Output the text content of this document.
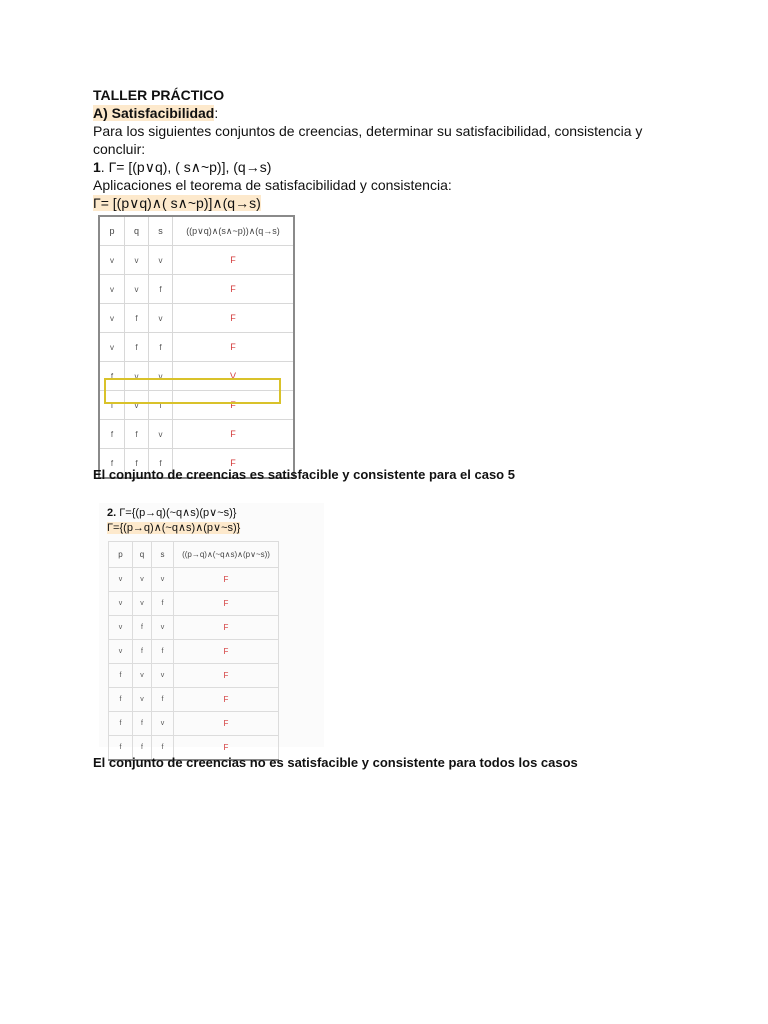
TALLER PRÁCTICO
A) Satisfacibilidad:
Para los siguientes conjuntos de creencias, determinar su satisfacibilidad, consistencia y
concluir:
1. Γ= [(p∨q), ( s∧~p)], (q→s)
Aplicaciones el teorema de satisfacibilidad y consistencia:
Γ= [(p∨q)∧( s∧~p)]∧(q→s)
p	q	s	((p∨q)∧(s∧~p))∧(q→s)
v	v	v	F
v	v	f	F
v	f	v	F
v	f	f	F
f	v	v	V
f	v	f	F
f	f	v	F
f	f	f	F
El conjunto de creencias es satisfacible y consistente para el caso 5
2. Γ={(p→q)(~q∧s)(p∨~s)}
Γ={(p→q)∧(~q∧s)∧(p∨~s)}
p	q	s	((p→q)∧(~q∧s)∧(p∨~s))
v	v	v	F
v	v	f	F
v	f	v	F
v	f	f	F
f	v	v	F
f	v	f	F
f	f	v	F
f	f	f	F
El conjunto de creencias no es satisfacible y consistente para todos los casos
